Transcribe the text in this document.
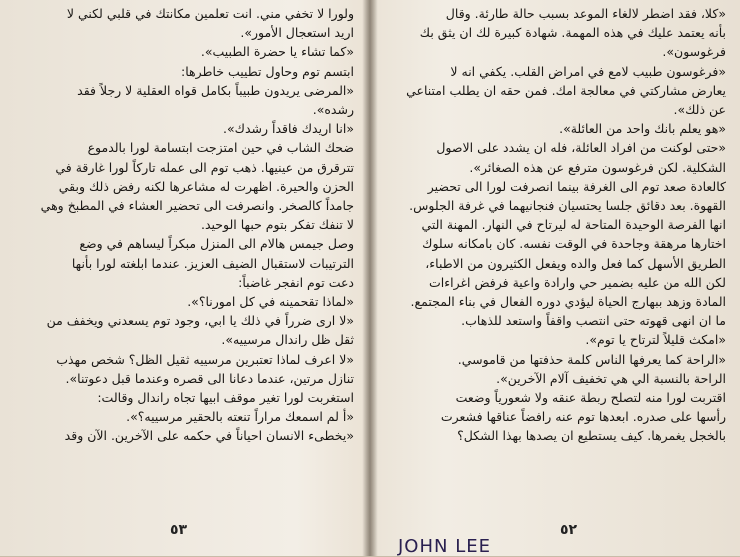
ولورا لا تخفي مني. انت تعلمين مكانتك في قلبي لكني لا
اريد استعجال الأمور».
«كما تشاء يا حضرة الطبيب».
ابتسم توم وحاول تطييب خاطرها:
«المرضى يريدون طبيباً بكامل قواه العقلية لا رجلاً فقد
رشده».
«انا اريدك فاقداً رشدك».
ضحك الشاب في حين امتزجت ابتسامة لورا بالدموع
تترقرق من عينيها. ذهب توم الى عمله تاركاً لورا غارقة في
الحزن والحيرة. اظهرت له مشاعرها لكنه رفض ذلك وبقي
جامداً كالصخر. وانصرفت الى تحضير العشاء في المطبخ وهي
لا تنفك تفكر بتوم حبها الوحيد.
وصل جيمس هالام الى المنزل مبكراً ليساهم في وضع
الترتيبات لاستقبال الضيف العزيز. عندما ابلغته لورا بأنها
دعت توم انفجر غاضباً:
«لماذا تقحمينه في كل امورنا؟».
«لا ارى ضرراً في ذلك يا ابي، وجود توم يسعدني ويخفف من
ثقل ظل راندال مرسييه».
«لا اعرف لماذا تعتبرين مرسييه ثقيل الظل؟ شخص مهذب
تنازل مرتين، عندما دعانا الى قصره وعندما قبل دعوتنا».
استغربت لورا تغير موقف ابيها تجاه راندال وقالت:
«أ لم اسمعك مراراً تنعته بالحقير مرسييه؟».
«يخطىء الانسان احياناً في حكمه على الآخرين. الآن وقد
«كلا، فقد اضطر لالغاء الموعد بسبب حالة طارئة. وقال
بأنه يعتمد عليك في هذه المهمة. شهادة كبيرة لك ان يثق بك
فرغوسون».
«فرغوسون طبيب لامع في امراض القلب. يكفي انه لا
يعارض مشاركتي في معالجة امك. فمن حقه ان يطلب امتناعي
عن ذلك».
«هو يعلم بانك واحد من العائلة».
«حتى لوكنت من افراد العائلة، فله ان يشدد على الاصول
الشكلية. لكن فرغوسون مترفع عن هذه الصغائر».
كالعادة صعد توم الى الغرفة بينما انصرفت لورا الى تحضير
القهوة. بعد دقائق جلسا يحتسيان فنجانيهما في غرفة الجلوس.
انها الفرصة الوحيدة المتاحة له ليرتاح في النهار. المهنة التي
اختارها مرهقة وجاحدة في الوقت نفسه. كان بامكانه سلوك
الطريق الأسهل كما فعل والده ويفعل الكثيرون من الاطباء،
لكن الله من عليه بضمير حي وارادة واعية فرفض اغراءات
المادة وزهد ببهارج الحياة ليؤدي دوره الفعال في بناء المجتمع.
ما ان انهى قهوته حتى انتصب واقفاً واستعد للذهاب.
«امكث قليلاً لترتاح يا توم».
«الراحة كما يعرفها الناس كلمة حذفتها من قاموسي.
الراحة بالنسبة الي هي تخفيف آلام الآخرين».
اقتربت لورا منه لتصلح ربطة عنقه ولا شعورياً وضعت
رأسها على صدره. ابعدها توم عنه رافضاً عناقها فشعرت
بالخجل يغمرها. كيف يستطيع ان يصدها بهذا الشكل؟
٥٣	٥٢
JOHN LEE
